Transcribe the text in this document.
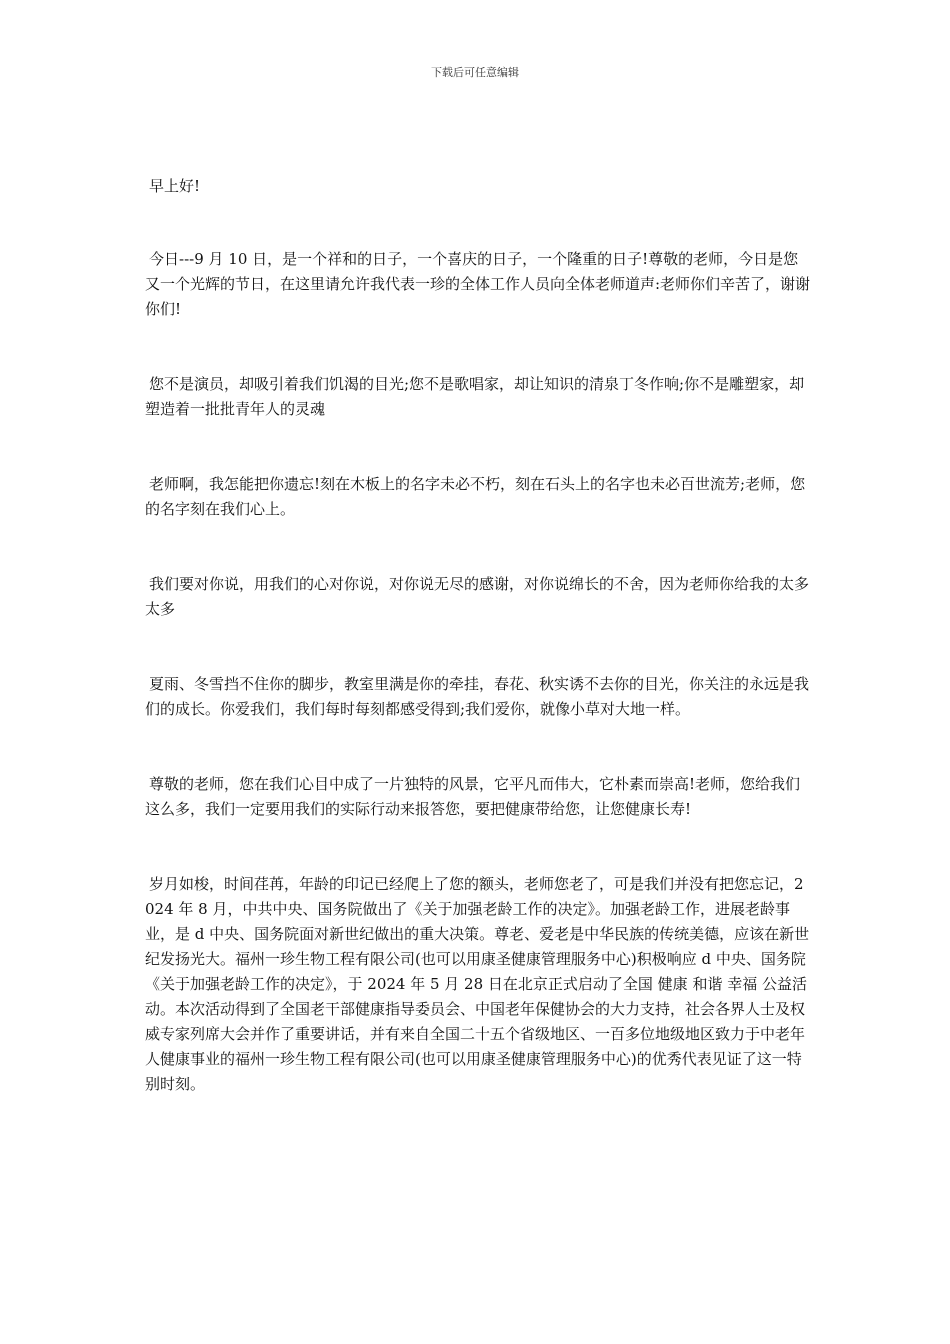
下载后可任意编辑

早上好!

今日---9 月 10 日，是一个祥和的日子，一个喜庆的日子，一个隆重的日子!尊敬的老师，今日是您又一个光辉的节日，在这里请允许我代表一珍的全体工作人员向全体老师道声:老师你们辛苦了，谢谢你们!

您不是演员，却吸引着我们饥渴的目光;您不是歌唱家，却让知识的清泉丁冬作响;你不是雕塑家，却塑造着一批批青年人的灵魂

老师啊，我怎能把你遗忘!刻在木板上的名字未必不朽，刻在石头上的名字也未必百世流芳;老师，您的名字刻在我们心上。

我们要对你说，用我们的心对你说，对你说无尽的感谢，对你说绵长的不舍，因为老师你给我的太多太多

夏雨、冬雪挡不住你的脚步，教室里满是你的牵挂，春花、秋实诱不去你的目光，你关注的永远是我们的成长。你爱我们，我们每时每刻都感受得到;我们爱你，就像小草对大地一样。

尊敬的老师，您在我们心目中成了一片独特的风景，它平凡而伟大，它朴素而崇高!老师，您给我们这么多，我们一定要用我们的实际行动来报答您，要把健康带给您，让您健康长寿!

岁月如梭，时间荏苒，年龄的印记已经爬上了您的额头，老师您老了，可是我们并没有把您忘记，2024 年 8 月，中共中央、国务院做出了《关于加强老龄工作的决定》。加强老龄工作，进展老龄事业，是 d 中央、国务院面对新世纪做出的重大决策。尊老、爱老是中华民族的传统美德，应该在新世纪发扬光大。福州一珍生物工程有限公司(也可以用康圣健康管理服务中心)积极响应 d 中央、国务院《关于加强老龄工作的决定》，于 2024 年 5 月 28 日在北京正式启动了全国 健康 和谐 幸福 公益活动。本次活动得到了全国老干部健康指导委员会、中国老年保健协会的大力支持，社会各界人士及权威专家列席大会并作了重要讲话，并有来自全国二十五个省级地区、一百多位地级地区致力于中老年人健康事业的福州一珍生物工程有限公司(也可以用康圣健康管理服务中心)的优秀代表见证了这一特别时刻。
